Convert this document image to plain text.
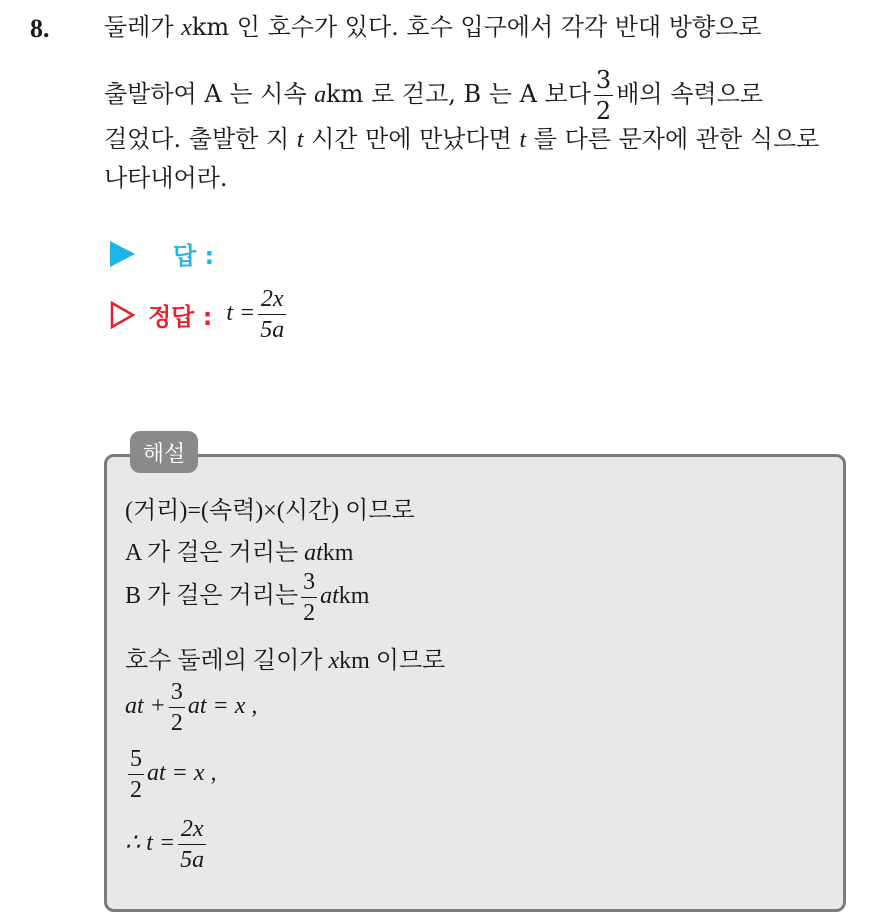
8. 둘레가 xkm 인 호수가 있다. 호수 입구에서 각각 반대 방향으로
출발하여 A 는 시속 akm 로 걷고, B 는 A 보다 $\frac{3}{2}$ 배의 속력으로
걸었다. 출발한 지 t 시간 만에 만났다면 t 를 다른 문자에 관한 식으로
나타내어라.
답 :
정답 : $t = \frac{2x}{5a}$
해설
(거리)=(속력)×(시간) 이므로
A 가 걸은 거리는 atkm
B 가 걸은 거리는 $\frac{3}{2}$ atkm
호수 둘레의 길이가 xkm 이므로
at + $\frac{3}{2}$ at = x ,
$\frac{5}{2}$ at = x ,
∴ $t = \frac{2x}{5a}$
